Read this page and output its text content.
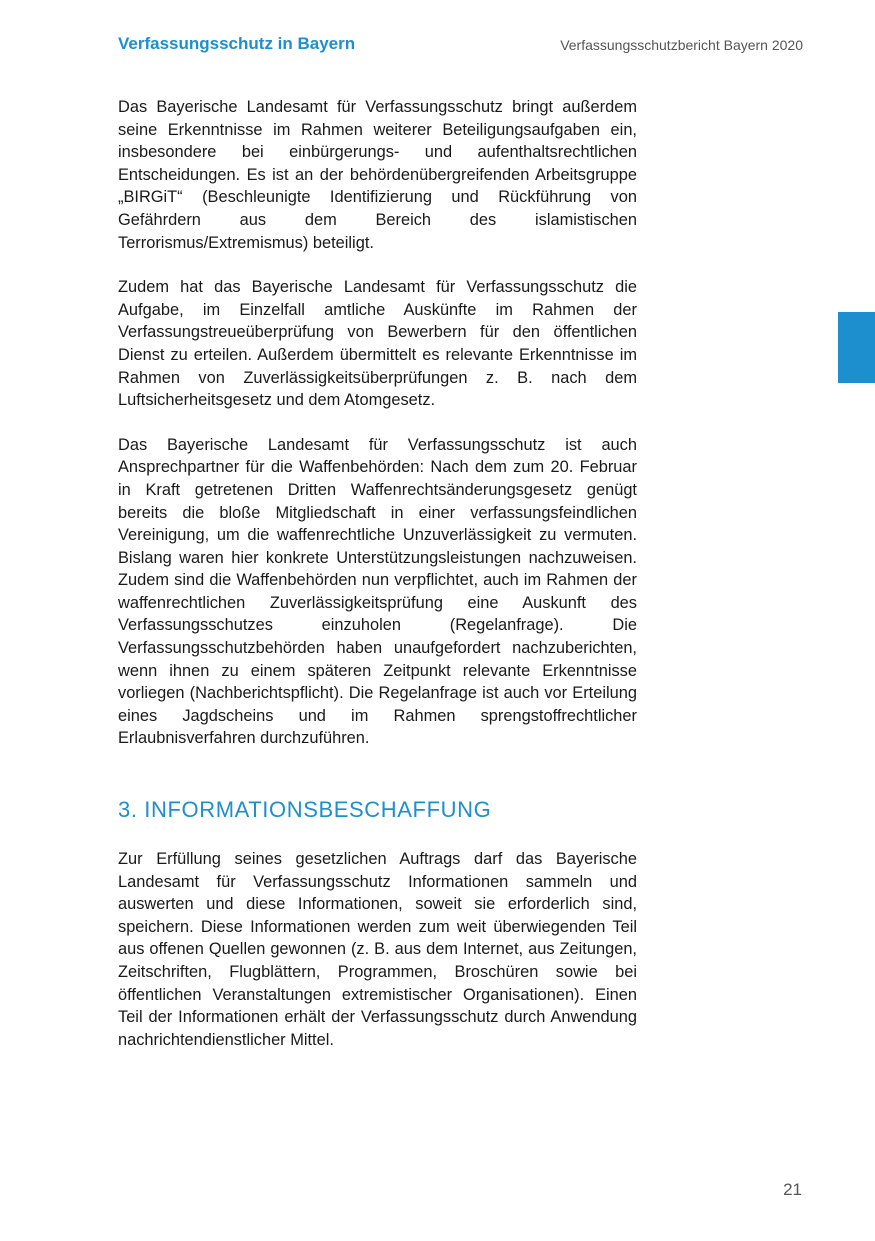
Verfassungsschutz in Bayern	Verfassungsschutzbericht Bayern 2020

Das Bayerische Landesamt für Verfassungsschutz bringt außerdem seine Erkenntnisse im Rahmen weiterer Beteiligungsaufgaben ein, insbesondere bei einbürgerungs- und aufenthaltsrechtlichen Entscheidungen. Es ist an der behördenübergreifenden Arbeitsgruppe „BIRGiT“ (Beschleunigte Identifizierung und Rückführung von Gefährdern aus dem Bereich des islamistischen Terrorismus/Extremismus) beteiligt.

Zudem hat das Bayerische Landesamt für Verfassungsschutz die Aufgabe, im Einzelfall amtliche Auskünfte im Rahmen der Verfassungstreueüberprüfung von Bewerbern für den öffentlichen Dienst zu erteilen. Außerdem übermittelt es relevante Erkenntnisse im Rahmen von Zuverlässigkeitsüberprüfungen z. B. nach dem Luftsicherheitsgesetz und dem Atomgesetz.

Das Bayerische Landesamt für Verfassungsschutz ist auch Ansprechpartner für die Waffenbehörden: Nach dem zum 20. Februar in Kraft getretenen Dritten Waffenrechtsänderungsgesetz genügt bereits die bloße Mitgliedschaft in einer verfassungsfeindlichen Vereinigung, um die waffenrechtliche Unzuverlässigkeit zu vermuten. Bislang waren hier konkrete Unterstützungsleistungen nachzuweisen. Zudem sind die Waffenbehörden nun verpflichtet, auch im Rahmen der waffenrechtlichen Zuverlässigkeitsprüfung eine Auskunft des Verfassungsschutzes einzuholen (Regelanfrage). Die Verfassungsschutzbehörden haben unaufgefordert nachzuberichten, wenn ihnen zu einem späteren Zeitpunkt relevante Erkenntnisse vorliegen (Nachberichtspflicht). Die Regelanfrage ist auch vor Erteilung eines Jagdscheins und im Rahmen sprengstoffrechtlicher Erlaubnisverfahren durchzuführen.

3. INFORMATIONSBESCHAFFUNG

Zur Erfüllung seines gesetzlichen Auftrags darf das Bayerische Landesamt für Verfassungsschutz Informationen sammeln und auswerten und diese Informationen, soweit sie erforderlich sind, speichern. Diese Informationen werden zum weit überwiegenden Teil aus offenen Quellen gewonnen (z. B. aus dem Internet, aus Zeitungen, Zeitschriften, Flugblättern, Programmen, Broschüren sowie bei öffentlichen Veranstaltungen extremistischer Organisationen). Einen Teil der Informationen erhält der Verfassungsschutz durch Anwendung nachrichtendienstlicher Mittel.

21
